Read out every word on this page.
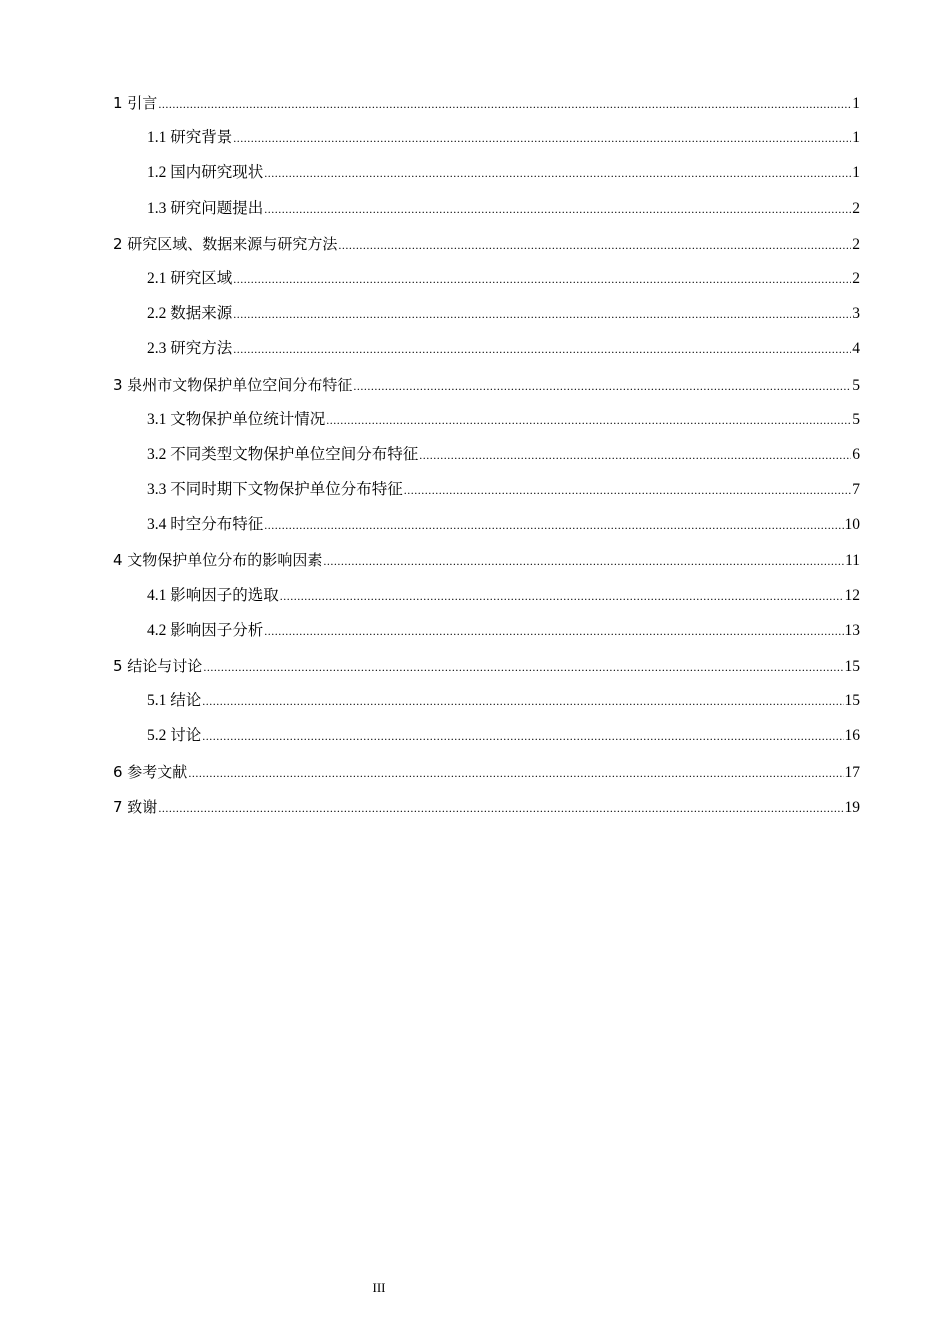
1 引言 .....	1
1.1 研究背景 .....	1
1.2 国内研究现状 .....	1
1.3 研究问题提出 .....	2
2 研究区域、数据来源与研究方法 .....	2
2.1 研究区域 .....	2
2.2 数据来源 .....	3
2.3 研究方法 .....	4
3 泉州市文物保护单位空间分布特征 .....	5
3.1 文物保护单位统计情况 .....	5
3.2 不同类型文物保护单位空间分布特征 .....	6
3.3 不同时期下文物保护单位分布特征 .....	7
3.4 时空分布特征 .....	10
4 文物保护单位分布的影响因素 .....	11
4.1 影响因子的选取 .....	12
4.2 影响因子分析 .....	13
5 结论与讨论 .....	15
5.1 结论 .....	15
5.2 讨论 .....	16
6 参考文献 .....	17
7 致谢 .....	19
III
